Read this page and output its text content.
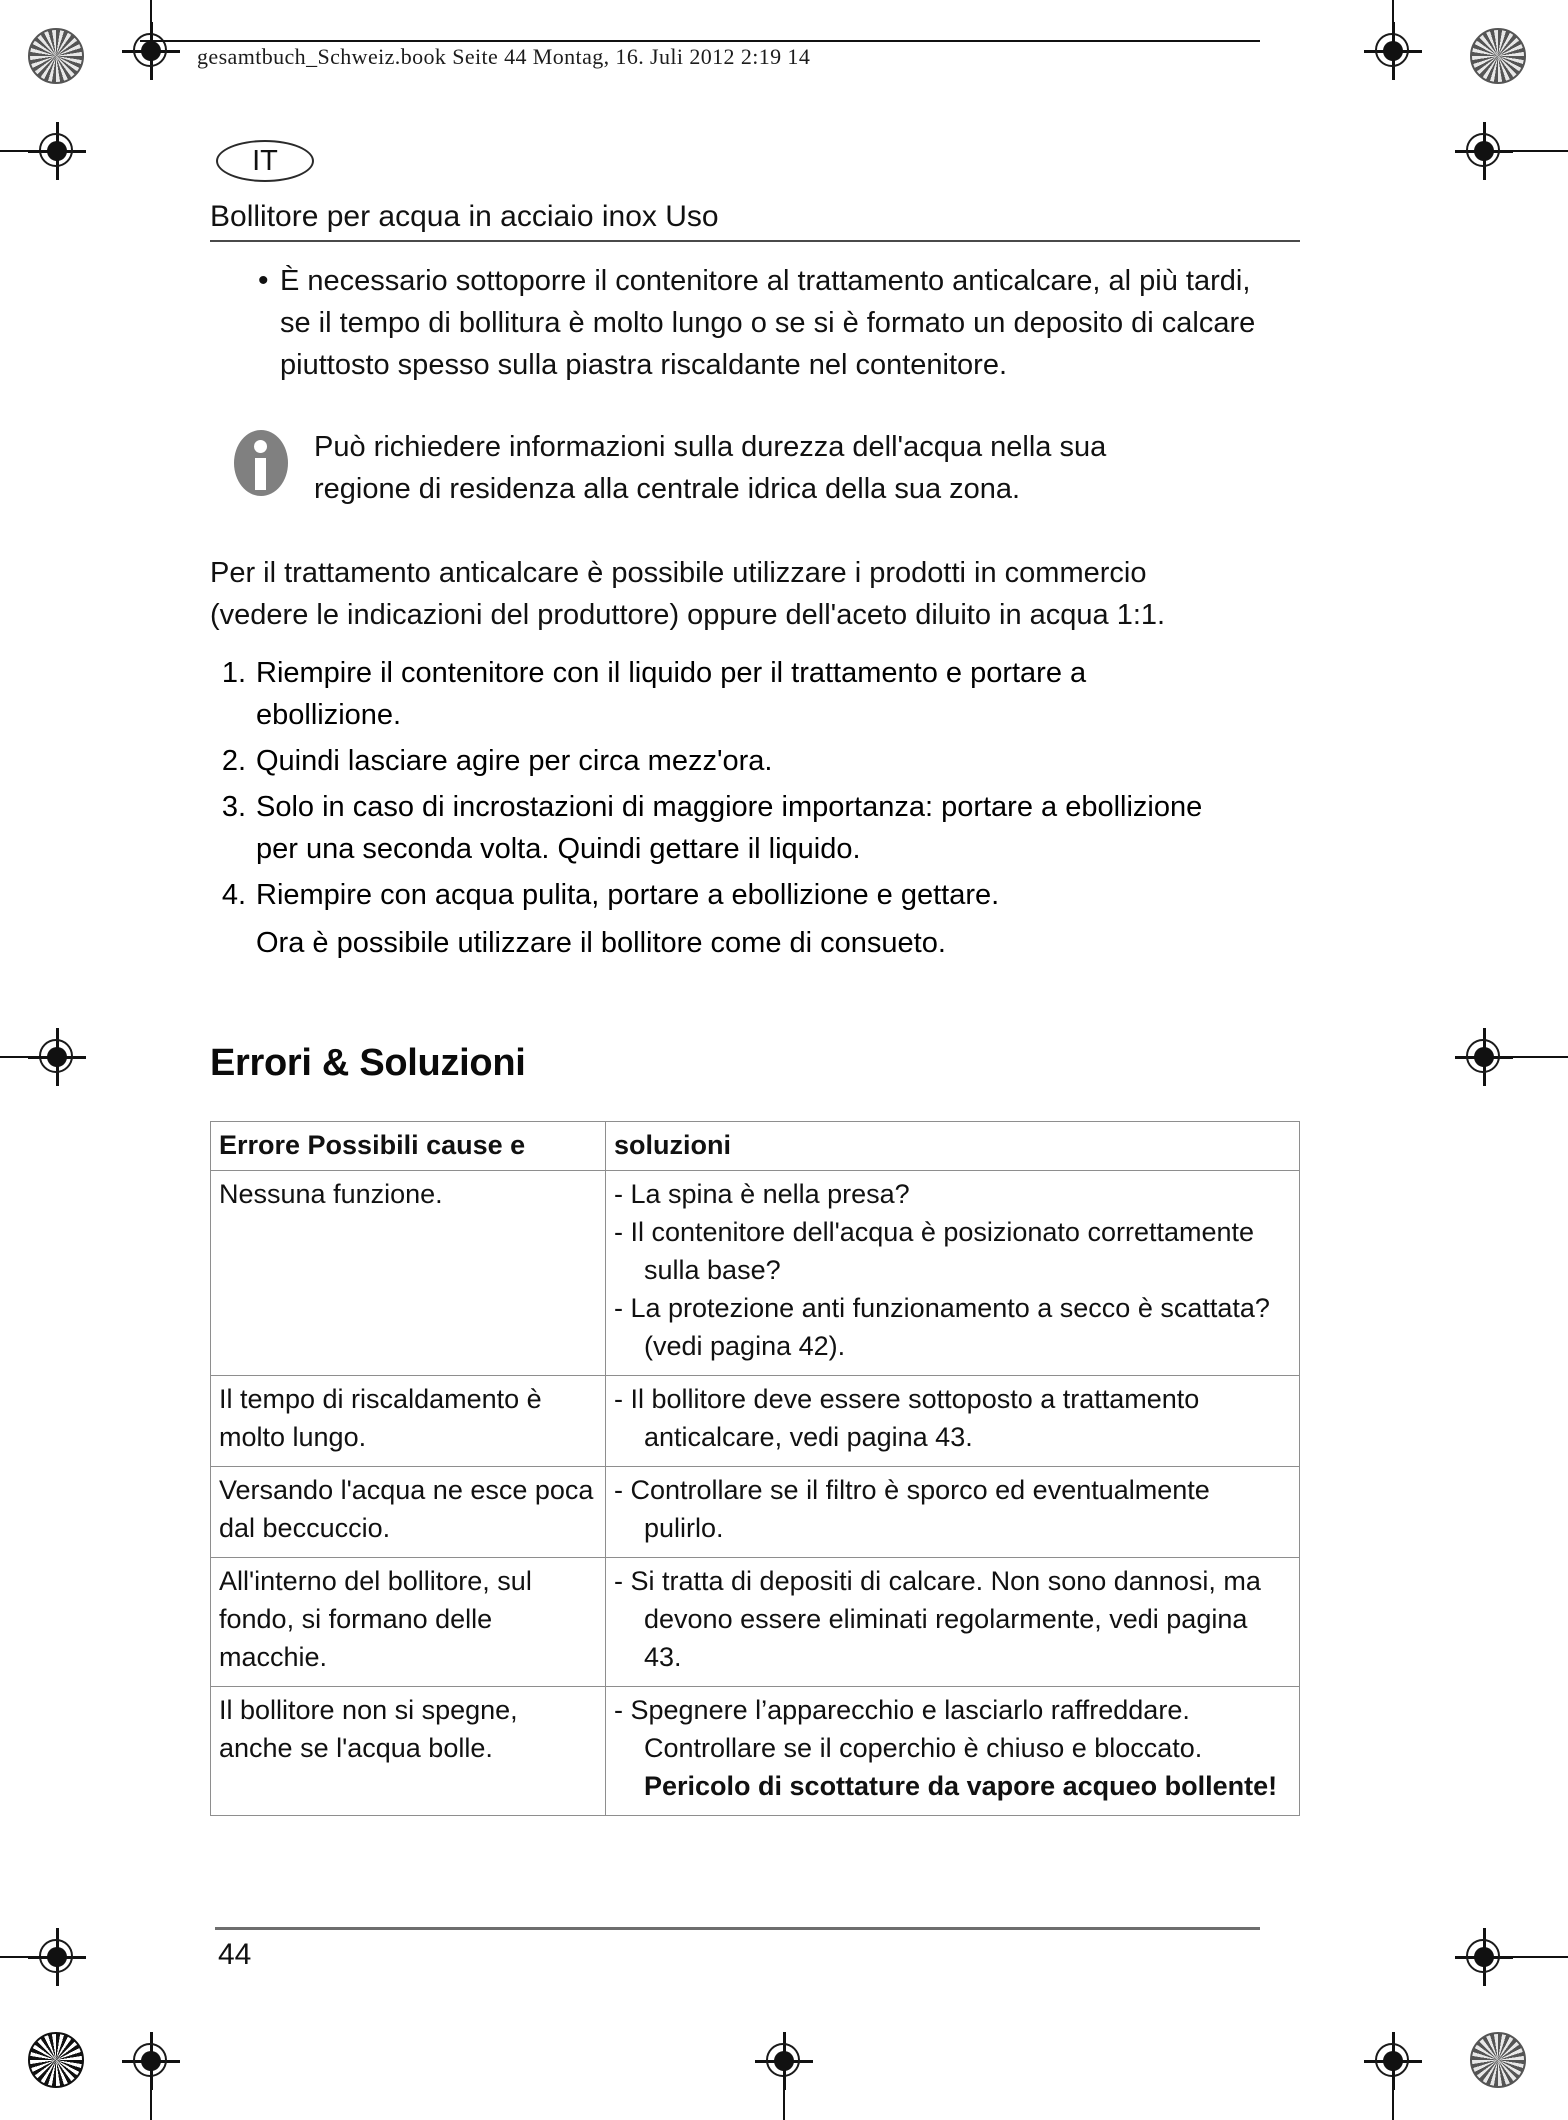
gesamtbuch_Schweiz.book Seite 44 Montag, 16. Juli 2012 2:19 14
IT
Bollitore per acqua in acciaio inox Uso
• È necessario sottoporre il contenitore al trattamento anticalcare, al più tardi, se il tempo di bollitura è molto lungo o se si è formato un deposito di calcare piuttosto spesso sulla piastra riscaldante nel contenitore.
Può richiedere informazioni sulla durezza dell'acqua nella sua regione di residenza alla centrale idrica della sua zona.
Per il trattamento anticalcare è possibile utilizzare i prodotti in commercio (vedere le indicazioni del produttore) oppure dell'aceto diluito in acqua 1:1.
1. Riempire il contenitore con il liquido per il trattamento e portare a ebollizione.
2. Quindi lasciare agire per circa mezz'ora.
3. Solo in caso di incrostazioni di maggiore importanza: portare a ebollizione per una seconda volta. Quindi gettare il liquido.
4. Riempire con acqua pulita, portare a ebollizione e gettare.
Ora è possibile utilizzare il bollitore come di consueto.
Errori & Soluzioni
Errore Possibili cause e	soluzioni
Nessuna funzione.	- La spina è nella presa?
- Il contenitore dell'acqua è posizionato correttamente sulla base?
- La protezione anti funzionamento a secco è scattata? (vedi pagina 42).

Il tempo di riscaldamento è molto lungo.	- Il bollitore deve essere sottoposto a trattamento anticalcare, vedi pagina 43.

Versando l'acqua ne esce poca dal beccuccio.	- Controllare se il filtro è sporco ed eventualmente pulirlo.

All'interno del bollitore, sul fondo, si formano delle macchie.	- Si tratta di depositi di calcare. Non sono dannosi, ma devono essere eliminati regolarmente, vedi pagina 43.

Il bollitore non si spegne, anche se l'acqua bolle.	- Spegnere l’apparecchio e lasciarlo raffreddare. Controllare se il coperchio è chiuso e bloccato.
Pericolo di scottature da vapore acqueo bollente!
44
